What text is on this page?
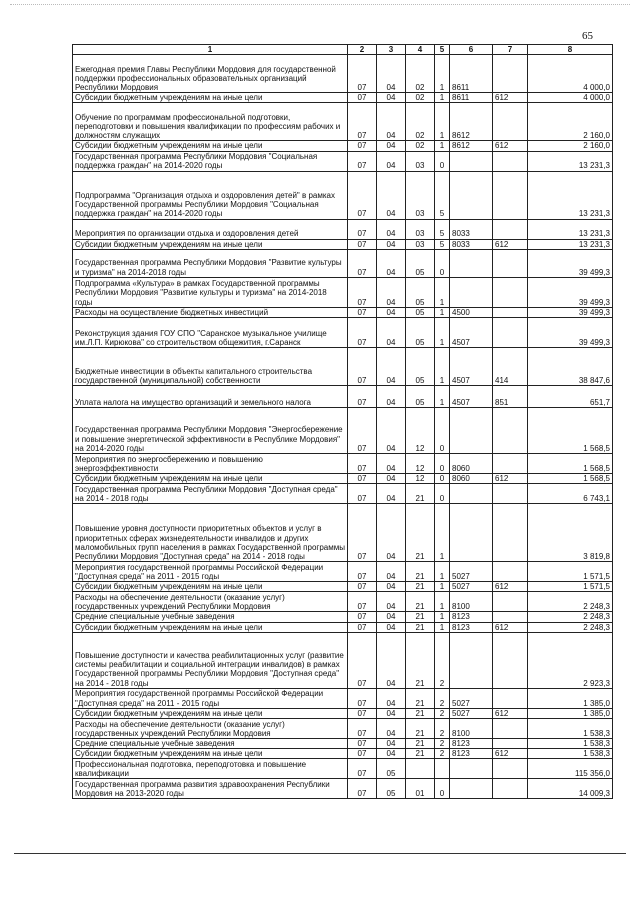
65
1	2	3	4	5	6	7	8
Ежегодная премия Главы Республики Мордовия для государственной поддержки профессиональных образовательных организаций Республики Мордовия	07	04	02	1	8611		4 000,0
Субсидии бюджетным учреждениям на иные цели	07	04	02	1	8611	612	4 000,0
Обучение по программам профессиональной подготовки, переподготовки и повышения квалификации по профессиям рабочих и должностям служащих	07	04	02	1	8612		2 160,0
Субсидии бюджетным учреждениям на иные цели	07	04	02	1	8612	612	2 160,0
Государственная программа Республики Мордовия "Социальная поддержка граждан" на 2014-2020 годы	07	04	03	0			13 231,3
Подпрограмма "Организация отдыха и оздоровления детей" в рамках Государственной программы Республики Мордовия "Социальная поддержка граждан" на 2014-2020 годы	07	04	03	5			13 231,3
Мероприятия по организации отдыха и оздоровления детей	07	04	03	5	8033		13 231,3
Субсидии бюджетным учреждениям на иные цели	07	04	03	5	8033	612	13 231,3
Государственная программа Республики Мордовия "Развитие культуры и туризма" на 2014-2018 годы	07	04	05	0			39 499,3
Подпрограмма «Культура» в рамках Государственной программы Республики Мордовия "Развитие культуры и туризма" на 2014-2018 годы	07	04	05	1			39 499,3
Расходы на осуществление бюджетных инвестиций	07	04	05	1	4500		39 499,3
Реконструкция здания ГОУ СПО "Саранское музыкальное училище им.Л.П. Кирюкова" со строительством общежития, г.Саранск	07	04	05	1	4507		39 499,3
Бюджетные инвестиции в объекты капитального строительства государственной (муниципальной) собственности	07	04	05	1	4507	414	38 847,6
Уплата налога на имущество организаций и земельного налога	07	04	05	1	4507	851	651,7
Государственная программа Республики Мордовия "Энергосбережение и повышение энергетической эффективности в Республике Мордовия" на 2014-2020 годы	07	04	12	0			1 568,5
Мероприятия по энергосбережению и повышению энергоэффективности	07	04	12	0	8060		1 568,5
Субсидии бюджетным учреждениям на иные цели	07	04	12	0	8060	612	1 568,5
Государственная программа Республики Мордовия "Доступная среда" на 2014 - 2018 годы	07	04	21	0			6 743,1
Повышение уровня доступности приоритетных объектов и услуг в приоритетных сферах жизнедеятельности инвалидов и других маломобильных групп населения в рамках Государственной программы Республики Мордовия "Доступная среда" на 2014 - 2018 годы	07	04	21	1			3 819,8
Мероприятия государственной программы Российской Федерации "Доступная среда" на 2011 - 2015 годы	07	04	21	1	5027		1 571,5
Субсидии бюджетным учреждениям на иные цели	07	04	21	1	5027	612	1 571,5
Расходы на обеспечение деятельности (оказание услуг) государственных учреждений Республики Мордовия	07	04	21	1	8100		2 248,3
Средние специальные учебные заведения	07	04	21	1	8123		2 248,3
Субсидии бюджетным учреждениям на иные цели	07	04	21	1	8123	612	2 248,3
Повышение доступности и качества реабилитационных услуг (развитие системы реабилитации и социальной интеграции инвалидов) в рамках Государственной программы Республики Мордовия "Доступная среда" на 2014 - 2018 годы	07	04	21	2			2 923,3
Мероприятия государственной программы Российской Федерации "Доступная среда" на 2011 - 2015 годы	07	04	21	2	5027		1 385,0
Субсидии бюджетным учреждениям на иные цели	07	04	21	2	5027	612	1 385,0
Расходы на обеспечение деятельности (оказание услуг) государственных учреждений Республики Мордовия	07	04	21	2	8100		1 538,3
Средние специальные учебные заведения	07	04	21	2	8123		1 538,3
Субсидии бюджетным учреждениям на иные цели	07	04	21	2	8123	612	1 538,3
Профессиональная подготовка, переподготовка и повышение квалификации	07	05					115 356,0
Государственная программа развития здравоохранения Республики Мордовия на 2013-2020 годы	07	05	01	0			14 009,3
